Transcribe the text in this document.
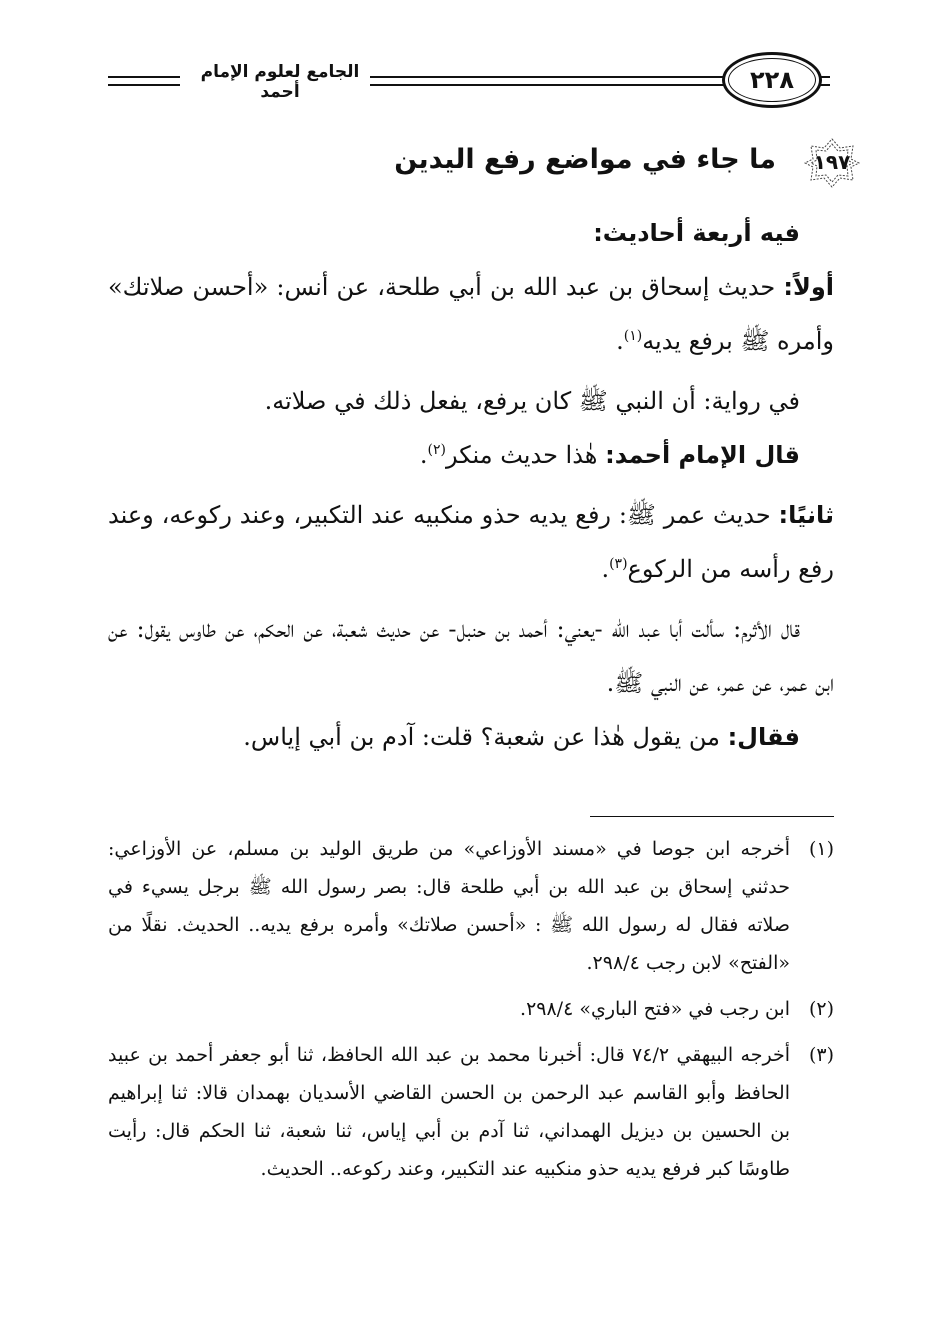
الجامع لعلوم الإمام أحمد	٢٢٨
١٩٧
ما جاء في مواضع رفع اليدين

فيه أربعة أحاديث:

أولاً: حديث إسحاق بن عبد الله بن أبي طلحة، عن أنس: «أحسن صلاتك» وأمره ﷺ برفع يديه$^{(١)}$.

في رواية: أن النبي ﷺ كان يرفع، يفعل ذلك في صلاته.

قال الإمام أحمد: هٰذا حديث منكر$^{(٢)}$.

ثانيًا: حديث عمر ﷺ: رفع يديه حذو منكبيه عند التكبير، وعند ركوعه، وعند رفع رأسه من الركوع$^{(٣)}$.

قال الأثرم: سألت أبا عبد الله -يعني: أحمد بن حنبل- عن حديث شعبة، عن الحكم، عن طاوس يقول: عن ابن عمر، عن عمر، عن النبي ﷺ.

فقال: من يقول هٰذا عن شعبة؟ قلت: آدم بن أبي إياس.

(١)

أخرجه ابن جوصا في «مسند الأوزاعي» من طريق الوليد بن مسلم، عن الأوزاعي: حدثني إسحاق بن عبد الله بن أبي طلحة قال: بصر رسول الله ﷺ برجل يسيء في صلاته فقال له رسول الله ﷺ : «أحسن صلاتك» وأمره برفع يديه.. الحديث. نقلًا من «الفتح» لابن رجب ٢٩٨/٤.

(٢)

ابن رجب في «فتح الباري» ٢٩٨/٤.

(٣)

أخرجه البيهقي ٧٤/٢ قال: أخبرنا محمد بن عبد الله الحافظ، ثنا أبو جعفر أحمد بن عبيد الحافظ وأبو القاسم عبد الرحمن بن الحسن القاضي الأسديان بهمدان قالا: ثنا إبراهيم بن الحسين بن ديزيل الهمداني، ثنا آدم بن أبي إياس، ثنا شعبة، ثنا الحكم قال: رأيت طاوسًا كبر فرفع يديه حذو منكبيه عند التكبير، وعند ركوعه.. الحديث.
